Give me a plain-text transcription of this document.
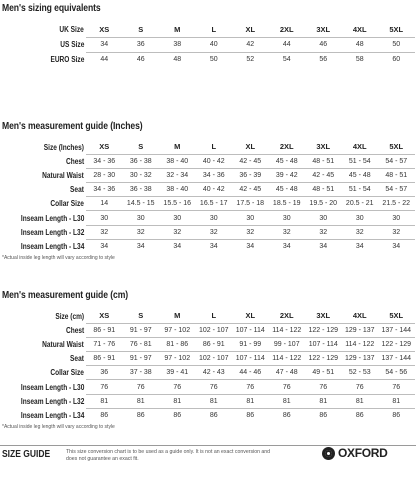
Men's sizing equivalents
UK Size	XS	S	M	L	XL	2XL	3XL	4XL	5XL
US Size	34	36	38	40	42	44	46	48	50
EURO Size	44	46	48	50	52	54	56	58	60
Men's measurement guide (Inches)
Size (Inches)	XS	S	M	L	XL	2XL	3XL	4XL	5XL
Chest	34 - 36	36 - 38	38 - 40	40 - 42	42 - 45	45 - 48	48 - 51	51 - 54	54 - 57
Natural Waist	28 - 30	30 - 32	32 - 34	34 - 36	36 - 39	39 - 42	42 - 45	45 - 48	48 - 51
Seat	34 - 36	36 - 38	38 - 40	40 - 42	42 - 45	45 - 48	48 - 51	51 - 54	54 - 57
Collar Size	14	14.5 - 15	15.5 - 16	16.5 - 17	17.5 - 18	18.5 - 19	19.5 - 20	20.5 - 21	21.5 - 22
Inseam Length - L30	30	30	30	30	30	30	30	30	30
Inseam Length - L32	32	32	32	32	32	32	32	32	32
Inseam Length - L34	34	34	34	34	34	34	34	34	34
*Actual inside leg length will vary according to style
Men's measurement guide (cm)
Size (cm)	XS	S	M	L	XL	2XL	3XL	4XL	5XL
Chest	86 - 91	91 - 97	97 - 102	102 - 107	107 - 114	114 - 122	122 - 129	129 - 137	137 - 144
Natural Waist	71 - 76	76 - 81	81 - 86	86 - 91	91 - 99	99 - 107	107 - 114	114 - 122	122 - 129
Seat	86 - 91	91 - 97	97 - 102	102 - 107	107 - 114	114 - 122	122 - 129	129 - 137	137 - 144
Collar Size	36	37 - 38	39 - 41	42 - 43	44 - 46	47 - 48	49 - 51	52 - 53	54 - 56
Inseam Length - L30	76	76	76	76	76	76	76	76	76
Inseam Length - L32	81	81	81	81	81	81	81	81	81
Inseam Length - L34	86	86	86	86	86	86	86	86	86
*Actual inside leg length will vary according to style
SIZE GUIDE	This size conversion chart is to be used as a guide only. It is not an exact conversion and does not guarantee an exact fit.	OXFORD
